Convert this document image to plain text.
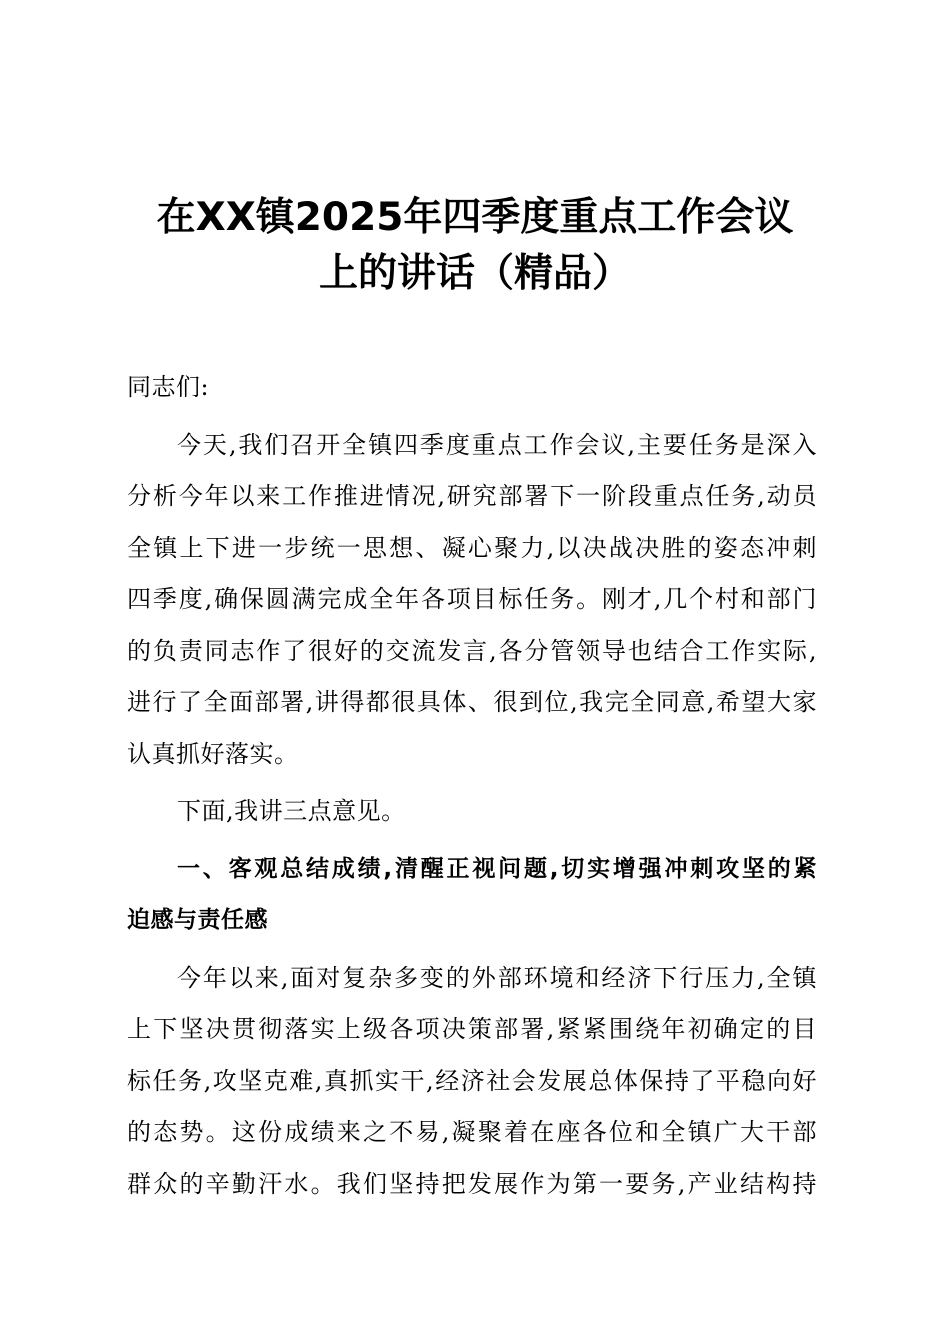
在XX镇2025年四季度重点工作会议
上的讲话（精品）
同志们:
今天,我们召开全镇四季度重点工作会议,主要任务是深入
分析今年以来工作推进情况,研究部署下一阶段重点任务,动员
全镇上下进一步统一思想、凝心聚力,以决战决胜的姿态冲刺
四季度,确保圆满完成全年各项目标任务。刚才,几个村和部门
的负责同志作了很好的交流发言,各分管领导也结合工作实际,
进行了全面部署,讲得都很具体、很到位,我完全同意,希望大家
认真抓好落实。
下面,我讲三点意见。
一、客观总结成绩,清醒正视问题,切实增强冲刺攻坚的紧
迫感与责任感
今年以来,面对复杂多变的外部环境和经济下行压力,全镇
上下坚决贯彻落实上级各项决策部署,紧紧围绕年初确定的目
标任务,攻坚克难,真抓实干,经济社会发展总体保持了平稳向好
的态势。这份成绩来之不易,凝聚着在座各位和全镇广大干部
群众的辛勤汗水。我们坚持把发展作为第一要务,产业结构持
